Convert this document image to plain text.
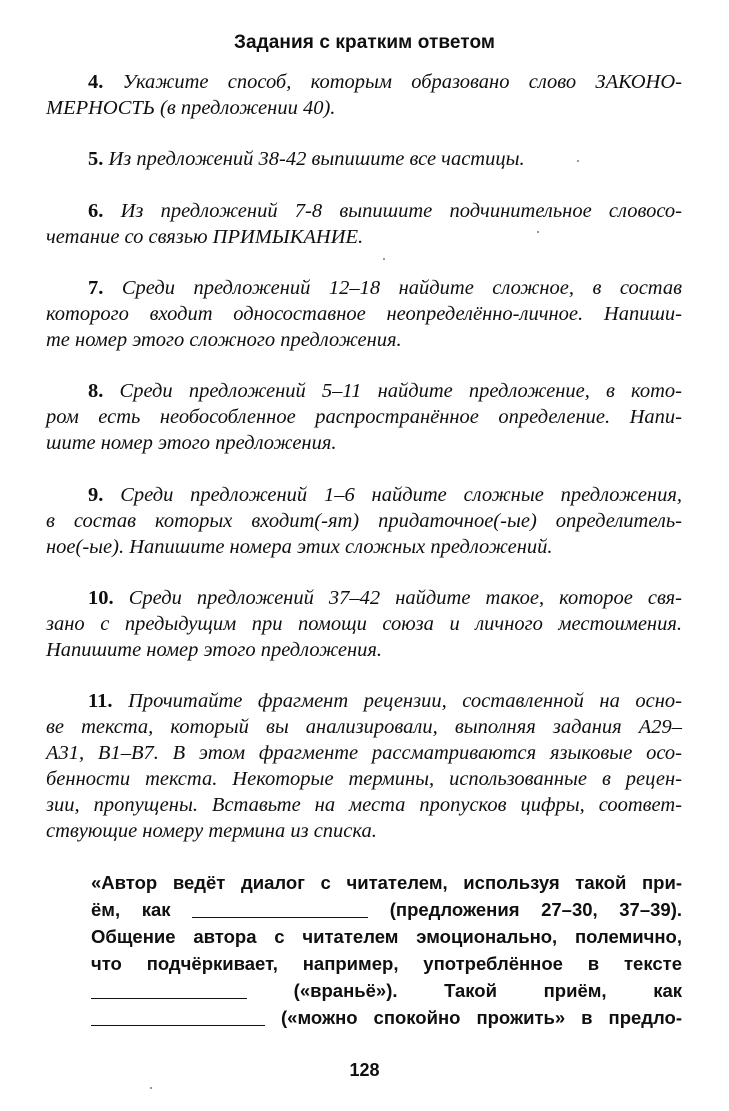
Задания с кратким ответом
4. Укажите способ, которым образовано слово ЗАКОНО-
МЕРНОСТЬ (в предложении 40).
5. Из предложений 38-42 выпишите все частицы.
6. Из предложений 7-8 выпишите подчинительное словосо-
четание со связью ПРИМЫКАНИЕ.
7. Среди предложений 12–18 найдите сложное, в состав
которого входит односоставное неопределённо-личное. Напиши-
те номер этого сложного предложения.
8. Среди предложений 5–11 найдите предложение, в кото-
ром есть необособленное распространённое определение. Напи-
шите номер этого предложения.
9. Среди предложений 1–6 найдите сложные предложения,
в состав которых входит(-ят) придаточное(-ые) определитель-
ное(-ые). Напишите номера этих сложных предложений.
10. Среди предложений 37–42 найдите такое, которое свя-
зано с предыдущим при помощи союза и личного местоимения.
Напишите номер этого предложения.
11. Прочитайте фрагмент рецензии, составленной на осно-
ве текста, который вы анализировали, выполняя задания А29–
А31, В1–В7. В этом фрагменте рассматриваются языковые осо-
бенности текста. Некоторые термины, использованные в рецен-
зии, пропущены. Вставьте на места пропусков цифры, соответ-
ствующие номеру термина из списка.
«Автор ведёт диалог с читателем, используя такой при-
ём, как	(предложения 27–30, 37–39).
Общение автора с читателем эмоционально, полемично,
что подчёркивает, например, употреблённое в тексте
(«враньё»). Такой приём, как
(«можно спокойно прожить» в предло-
128
